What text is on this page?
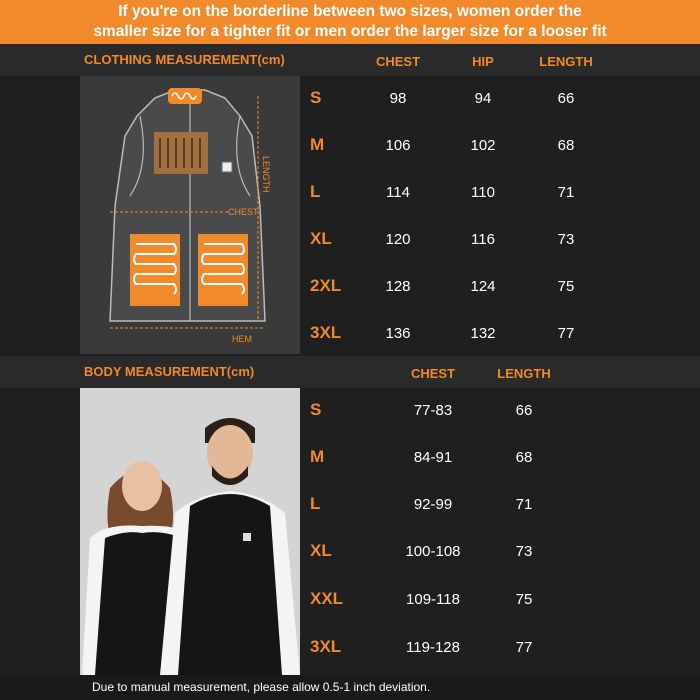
If you're on the borderline between two sizes, women order the
smaller size for a tighter fit or men order the larger size for a looser fit
CLOTHING MEASUREMENT(cm)	CHEST	HIP	LENGTH
LENGTH
CHEST
HEM
S	98	94	66
M	106	102	68
L	114	110	71
XL	120	116	73
2XL	128	124	75
3XL	136	132	77
BODY MEASUREMENT(cm)	CHEST	LENGTH
S	77-83	66
M	84-91	68
L	92-99	71
XL	100-108	73
XXL	109-118	75
3XL	119-128	77
Due to manual measurement, please allow 0.5-1 inch deviation.
